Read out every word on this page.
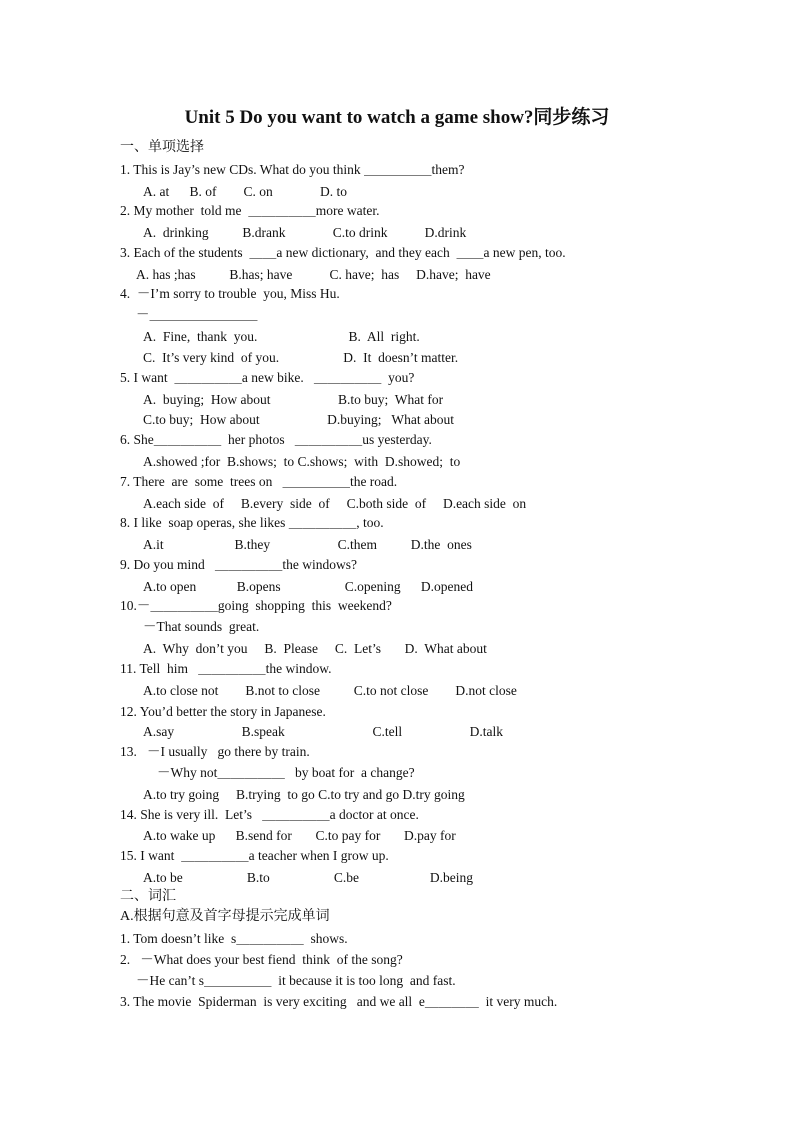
Unit 5 Do you want to watch a game show?同步练习
一、单项选择
1. This is Jay’s new CDs. What do you think ＿＿＿＿＿them?
A. at      B. of        C. on              D. to
2. My mother  told me  ＿＿＿＿＿more water.
A.  drinking          B.drank              C.to drink           D.drink
3. Each of the students  ＿＿a new dictionary,  and they each  ＿＿a new pen, too.
A. has ;has          B.has; have           C. have;  has     D.have;  have
4.  －I’m sorry to trouble  you, Miss Hu.
－＿＿＿＿＿＿＿＿
A.  Fine,  thank  you.                           B.  All  right.
C.  It’s very kind  of you.                   D.  It  doesn’t matter.
5. I want  ＿＿＿＿＿a new bike.   ＿＿＿＿＿  you?
A.  buying;  How about                    B.to buy;  What for
C.to buy;  How about                    D.buying;   What about
6. She＿＿＿＿＿  her photos   ＿＿＿＿＿us yesterday.
A.showed ;for  B.shows;  to C.shows;  with  D.showed;  to
7. There  are  some  trees on   ＿＿＿＿＿the road.
A.each side  of     B.every  side  of     C.both side  of     D.each side  on
8. I like  soap operas, she likes ＿＿＿＿＿, too.
A.it                     B.they                    C.them          D.the  ones
9. Do you mind   ＿＿＿＿＿the windows?
A.to open            B.opens                   C.opening      D.opened
10.－＿＿＿＿＿going  shopping  this  weekend?
－That sounds  great.
A.  Why  don’t you     B.  Please     C.  Let’s       D.  What about
11. Tell  him   ＿＿＿＿＿the window.
A.to close not        B.not to close          C.to not close        D.not close
12. You’d better the story in Japanese.
A.say                    B.speak                          C.tell                    D.talk
13.   －I usually   go there by train.
－Why not＿＿＿＿＿   by boat for  a change?
A.to try going     B.trying  to go C.to try and go D.try going
14. She is very ill.  Let’s   ＿＿＿＿＿a doctor at once.
A.to wake up      B.send for       C.to pay for       D.pay for
15. I want  ＿＿＿＿＿a teacher when I grow up.
A.to be                   B.to                   C.be                     D.being
二、词汇
A.根据句意及首字母提示完成单词
1. Tom doesn’t like  s＿＿＿＿＿  shows.
2.   －What does your best fiend  think  of the song?
－He can’t s＿＿＿＿＿  it because it is too long  and fast.
3. The movie  Spiderman  is very exciting   and we all  e＿＿＿＿  it very much.
